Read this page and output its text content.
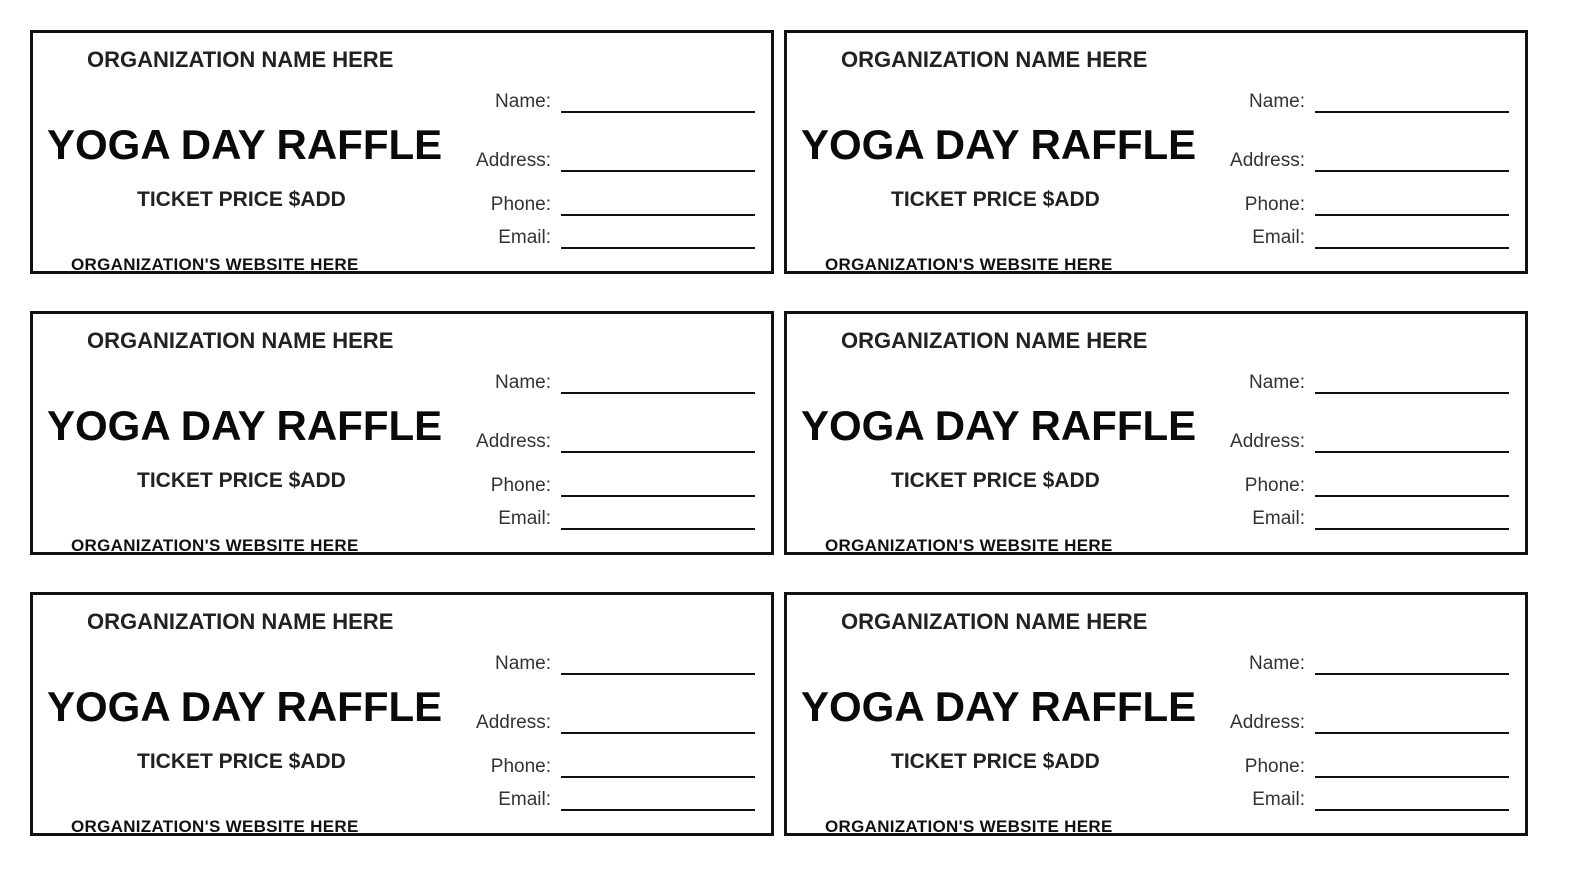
ORGANIZATION NAME HERE
YOGA DAY RAFFLE
TICKET PRICE $ADD
ORGANIZATION'S WEBSITE HERE
Name:
Address:
Phone:
Email:
ORGANIZATION NAME HERE
YOGA DAY RAFFLE
TICKET PRICE $ADD
ORGANIZATION'S WEBSITE HERE
Name:
Address:
Phone:
Email:
ORGANIZATION NAME HERE
YOGA DAY RAFFLE
TICKET PRICE $ADD
ORGANIZATION'S WEBSITE HERE
Name:
Address:
Phone:
Email:
ORGANIZATION NAME HERE
YOGA DAY RAFFLE
TICKET PRICE $ADD
ORGANIZATION'S WEBSITE HERE
Name:
Address:
Phone:
Email:
ORGANIZATION NAME HERE
YOGA DAY RAFFLE
TICKET PRICE $ADD
ORGANIZATION'S WEBSITE HERE
Name:
Address:
Phone:
Email:
ORGANIZATION NAME HERE
YOGA DAY RAFFLE
TICKET PRICE $ADD
ORGANIZATION'S WEBSITE HERE
Name:
Address:
Phone:
Email:
